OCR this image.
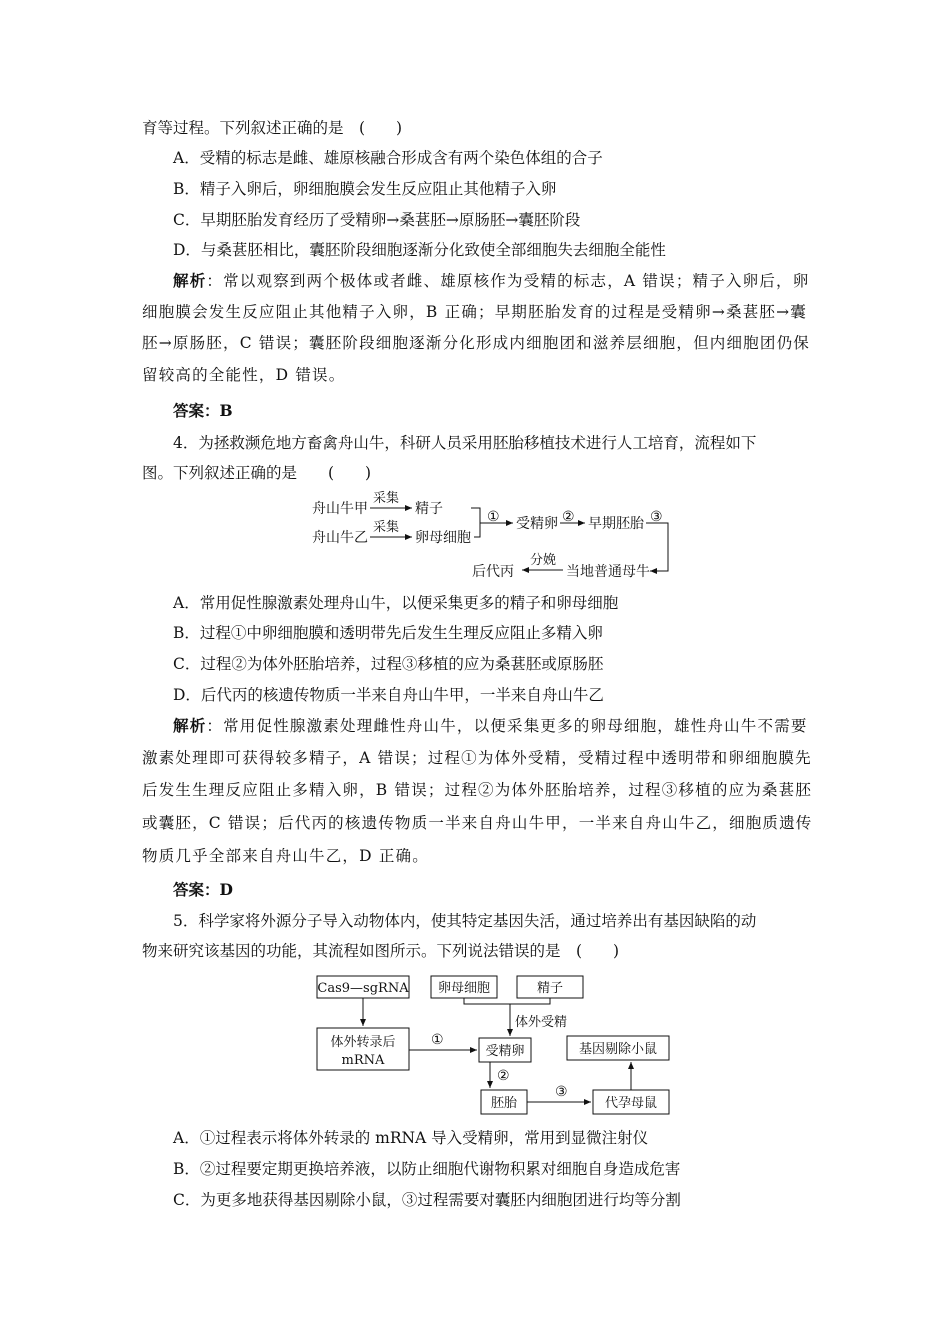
育等过程。下列叙述正确的是　(　　)
A．受精的标志是雌、雄原核融合形成含有两个染色体组的合子
B．精子入卵后，卵细胞膜会发生反应阻止其他精子入卵
C．早期胚胎发育经历了受精卵→桑葚胚→原肠胚→囊胚阶段
D．与桑葚胚相比，囊胚阶段细胞逐渐分化致使全部细胞失去细胞全能性
解析：常以观察到两个极体或者雌、雄原核作为受精的标志，A 错误；精子入卵后，卵
细胞膜会发生反应阻止其他精子入卵，B 正确；早期胚胎发育的过程是受精卵→桑葚胚→囊
胚→原肠胚，C 错误；囊胚阶段细胞逐渐分化形成内细胞团和滋养层细胞，但内细胞团仍保
留较高的全能性，D 错误。
答案：B
4．为拯救濒危地方畜禽舟山牛，科研人员采用胚胎移植技术进行人工培育，流程如下
图。下列叙述正确的是　　(　　)
舟山牛甲
舟山牛乙
采集
采集
精子
卵母细胞
① 受精卵 ② 早期胚胎 ③
当地普通母牛
分娩
后代丙
A．常用促性腺激素处理舟山牛，以便采集更多的精子和卵母细胞
B．过程①中卵细胞膜和透明带先后发生生理反应阻止多精入卵
C．过程②为体外胚胎培养，过程③移植的应为桑葚胚或原肠胚
D．后代丙的核遗传物质一半来自舟山牛甲，一半来自舟山牛乙
解析：常用促性腺激素处理雌性舟山牛，以便采集更多的卵母细胞，雄性舟山牛不需要
激素处理即可获得较多精子，A 错误；过程①为体外受精，受精过程中透明带和卵细胞膜先
后发生生理反应阻止多精入卵，B 错误；过程②为体外胚胎培养，过程③移植的应为桑葚胚
或囊胚，C 错误；后代丙的核遗传物质一半来自舟山牛甲，一半来自舟山牛乙，细胞质遗传
物质几乎全部来自舟山牛乙，D 正确。
答案：D
5．科学家将外源分子导入动物体内，使其特定基因失活，通过培养出有基因缺陷的动
物来研究该基因的功能，其流程如图所示。下列说法错误的是　(　　)
Cas9—sgRNA 卵母细胞	精子
体外受精
体外转录后
mRNA
①
受精卵	基因剔除小鼠
②
胚胎
③
代孕母鼠
A．①过程表示将体外转录的 mRNA 导入受精卵，常用到显微注射仪
B．②过程要定期更换培养液，以防止细胞代谢物积累对细胞自身造成危害
C．为更多地获得基因剔除小鼠，③过程需要对囊胚内细胞团进行均等分割
